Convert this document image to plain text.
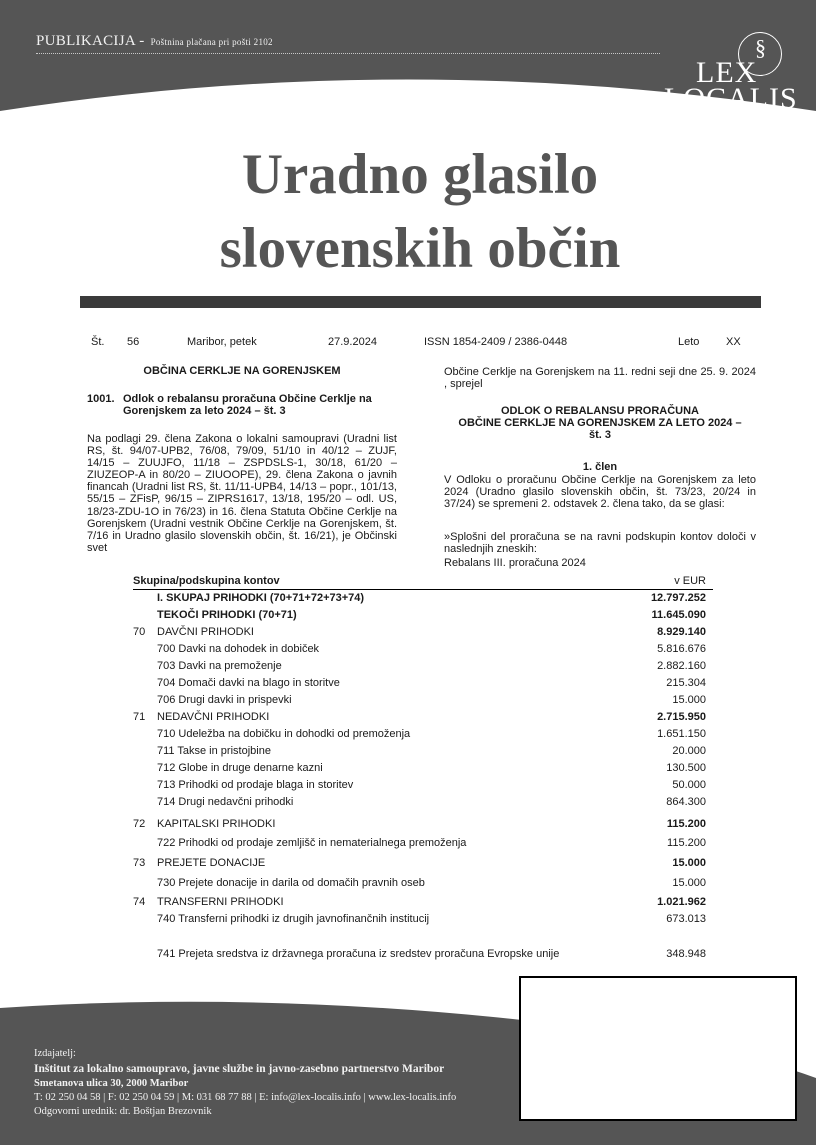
PUBLIKACIJA - Poštnina plačana pri pošti 2102	§
LEX
LOCALIS
Uradno glasilo
slovenskih občin
Št. 56	Maribor, petek	27.9.2024	ISSN 1854-2409 / 2386-0448	Leto XX
OBČINA CERKLJE NA GORENJSKEM
1001. Odlok o rebalansu proračuna Občine Cerklje na
Gorenjskem za leto 2024 – št. 3
Na podlagi 29. člena Zakona o lokalni samoupravi (Uradni list RS, št. 94/07-UPB2, 76/08, 79/09, 51/10 in 40/12 – ZUJF, 14/15 – ZUUJFO, 11/18 – ZSPDSLS-1, 30/18, 61/20 – ZIUZEOP-A in 80/20 – ZIUOOPE), 29. člena Zakona o javnih financah (Uradni list RS, št. 11/11-UPB4, 14/13 – popr., 101/13, 55/15 – ZFisP, 96/15 – ZIPRS1617, 13/18, 195/20 – odl. US, 18/23-ZDU-1O in 76/23) in 16. člena Statuta Občine Cerklje na Gorenjskem (Uradni vestnik Občine Cerklje na Gorenjskem, št. 7/16 in Uradno glasilo slovenskih občin, št. 16/21), je Občinski svet
Občine Cerklje na Gorenjskem na 11. redni seji dne 25. 9. 2024 , sprejel
ODLOK O REBALANSU PRORAČUNA
OBČINE CERKLJE NA GORENJSKEM ZA LETO 2024 –
št. 3
1. člen
V Odloku o proračunu Občine Cerklje na Gorenjskem za leto 2024 (Uradno glasilo slovenskih občin, št. 73/23, 20/24 in 37/24) se spremeni 2. odstavek 2. člena tako, da se glasi:
»Splošni del proračuna se na ravni podskupin kontov določi v naslednjih zneskih:
Rebalans III. proračuna 2024
Skupina/podskupina kontov	v EUR
I. SKUPAJ PRIHODKI (70+71+72+73+74)	12.797.252
TEKOČI PRIHODKI (70+71)	11.645.090
70 DAVČNI PRIHODKI	8.929.140
700 Davki na dohodek in dobiček	5.816.676
703 Davki na premoženje	2.882.160
704 Domači davki na blago in storitve	215.304
706 Drugi davki in prispevki	15.000
71 NEDAVČNI PRIHODKI	2.715.950
710 Udeležba na dobičku in dohodki od premoženja	1.651.150
711 Takse in pristojbine	20.000
712 Globe in druge denarne kazni	130.500
713 Prihodki od prodaje blaga in storitev	50.000
714 Drugi nedavčni prihodki	864.300
72 KAPITALSKI PRIHODKI	115.200
722 Prihodki od prodaje zemljišč in nematerialnega premoženja	115.200
73 PREJETE DONACIJE	15.000
730 Prejete donacije in darila od domačih pravnih oseb	15.000
74 TRANSFERNI PRIHODKI	1.021.962
740 Transferni prihodki iz drugih javnofinančnih institucij	673.013
741 Prejeta sredstva iz državnega proračuna iz sredstev proračuna Evropske unije	348.948
Izdajatelj:
Inštitut za lokalno samoupravo, javne službe in javno-zasebno partnerstvo Maribor
Smetanova ulica 30, 2000 Maribor
T: 02 250 04 58 | F: 02 250 04 59 | M: 031 68 77 88 | E: info@lex-localis.info | www.lex-localis.info
Odgovorni urednik: dr. Boštjan Brezovnik
